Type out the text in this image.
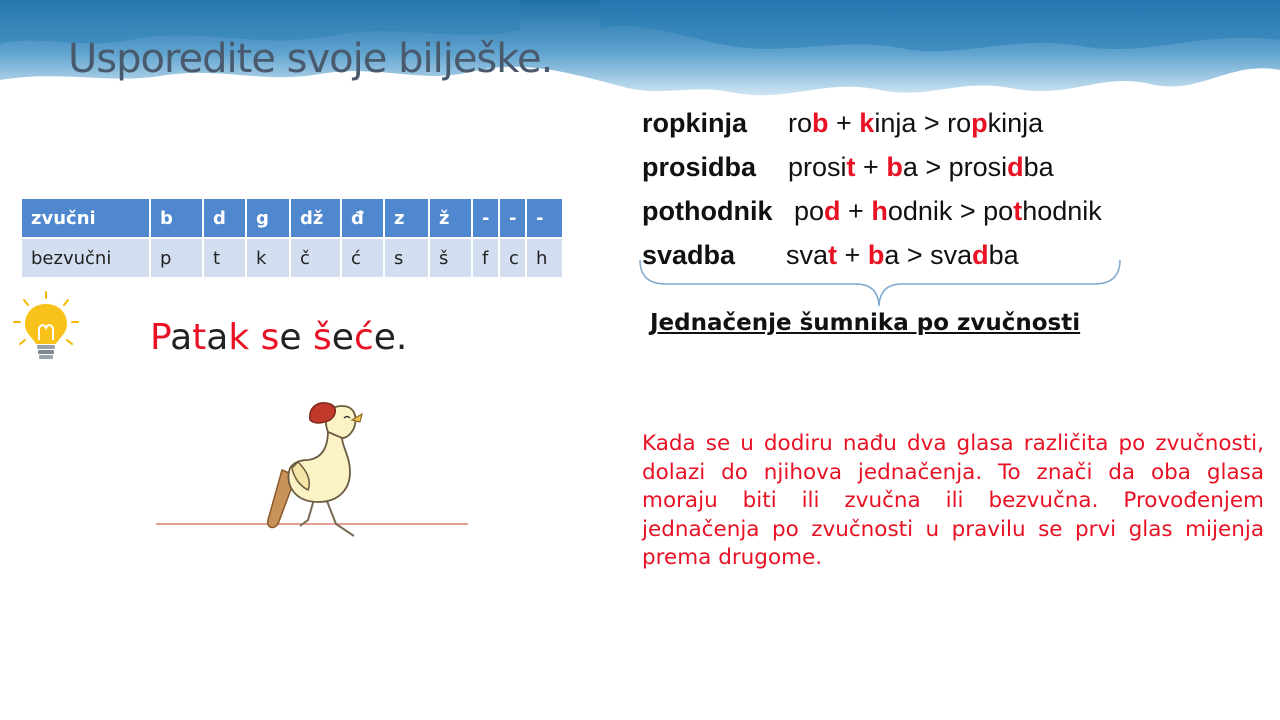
Usporedite svoje bilješke.
zvučni	b	d	g	dž	đ	z	ž	-	-	-
bezvučni	p	t	k	č	ć	s	š	f	c	h

Patak se šeće.

ropkinja rob + kinja > ropkinja
prosidba prosit + ba > prosidba
pothodnik pod + hodnik > pothodnik
svadba svat + ba > svadba
Jednačenje šumnika po zvučnosti

Kada se u dodiru nađu dva glasa različita po zvučnosti, dolazi do njihova jednačenja. To znači da oba glasa moraju biti ili zvučna ili bezvučna. Provođenjem jednačenja po zvučnosti u pravilu se prvi glas mijenja prema drugome.
